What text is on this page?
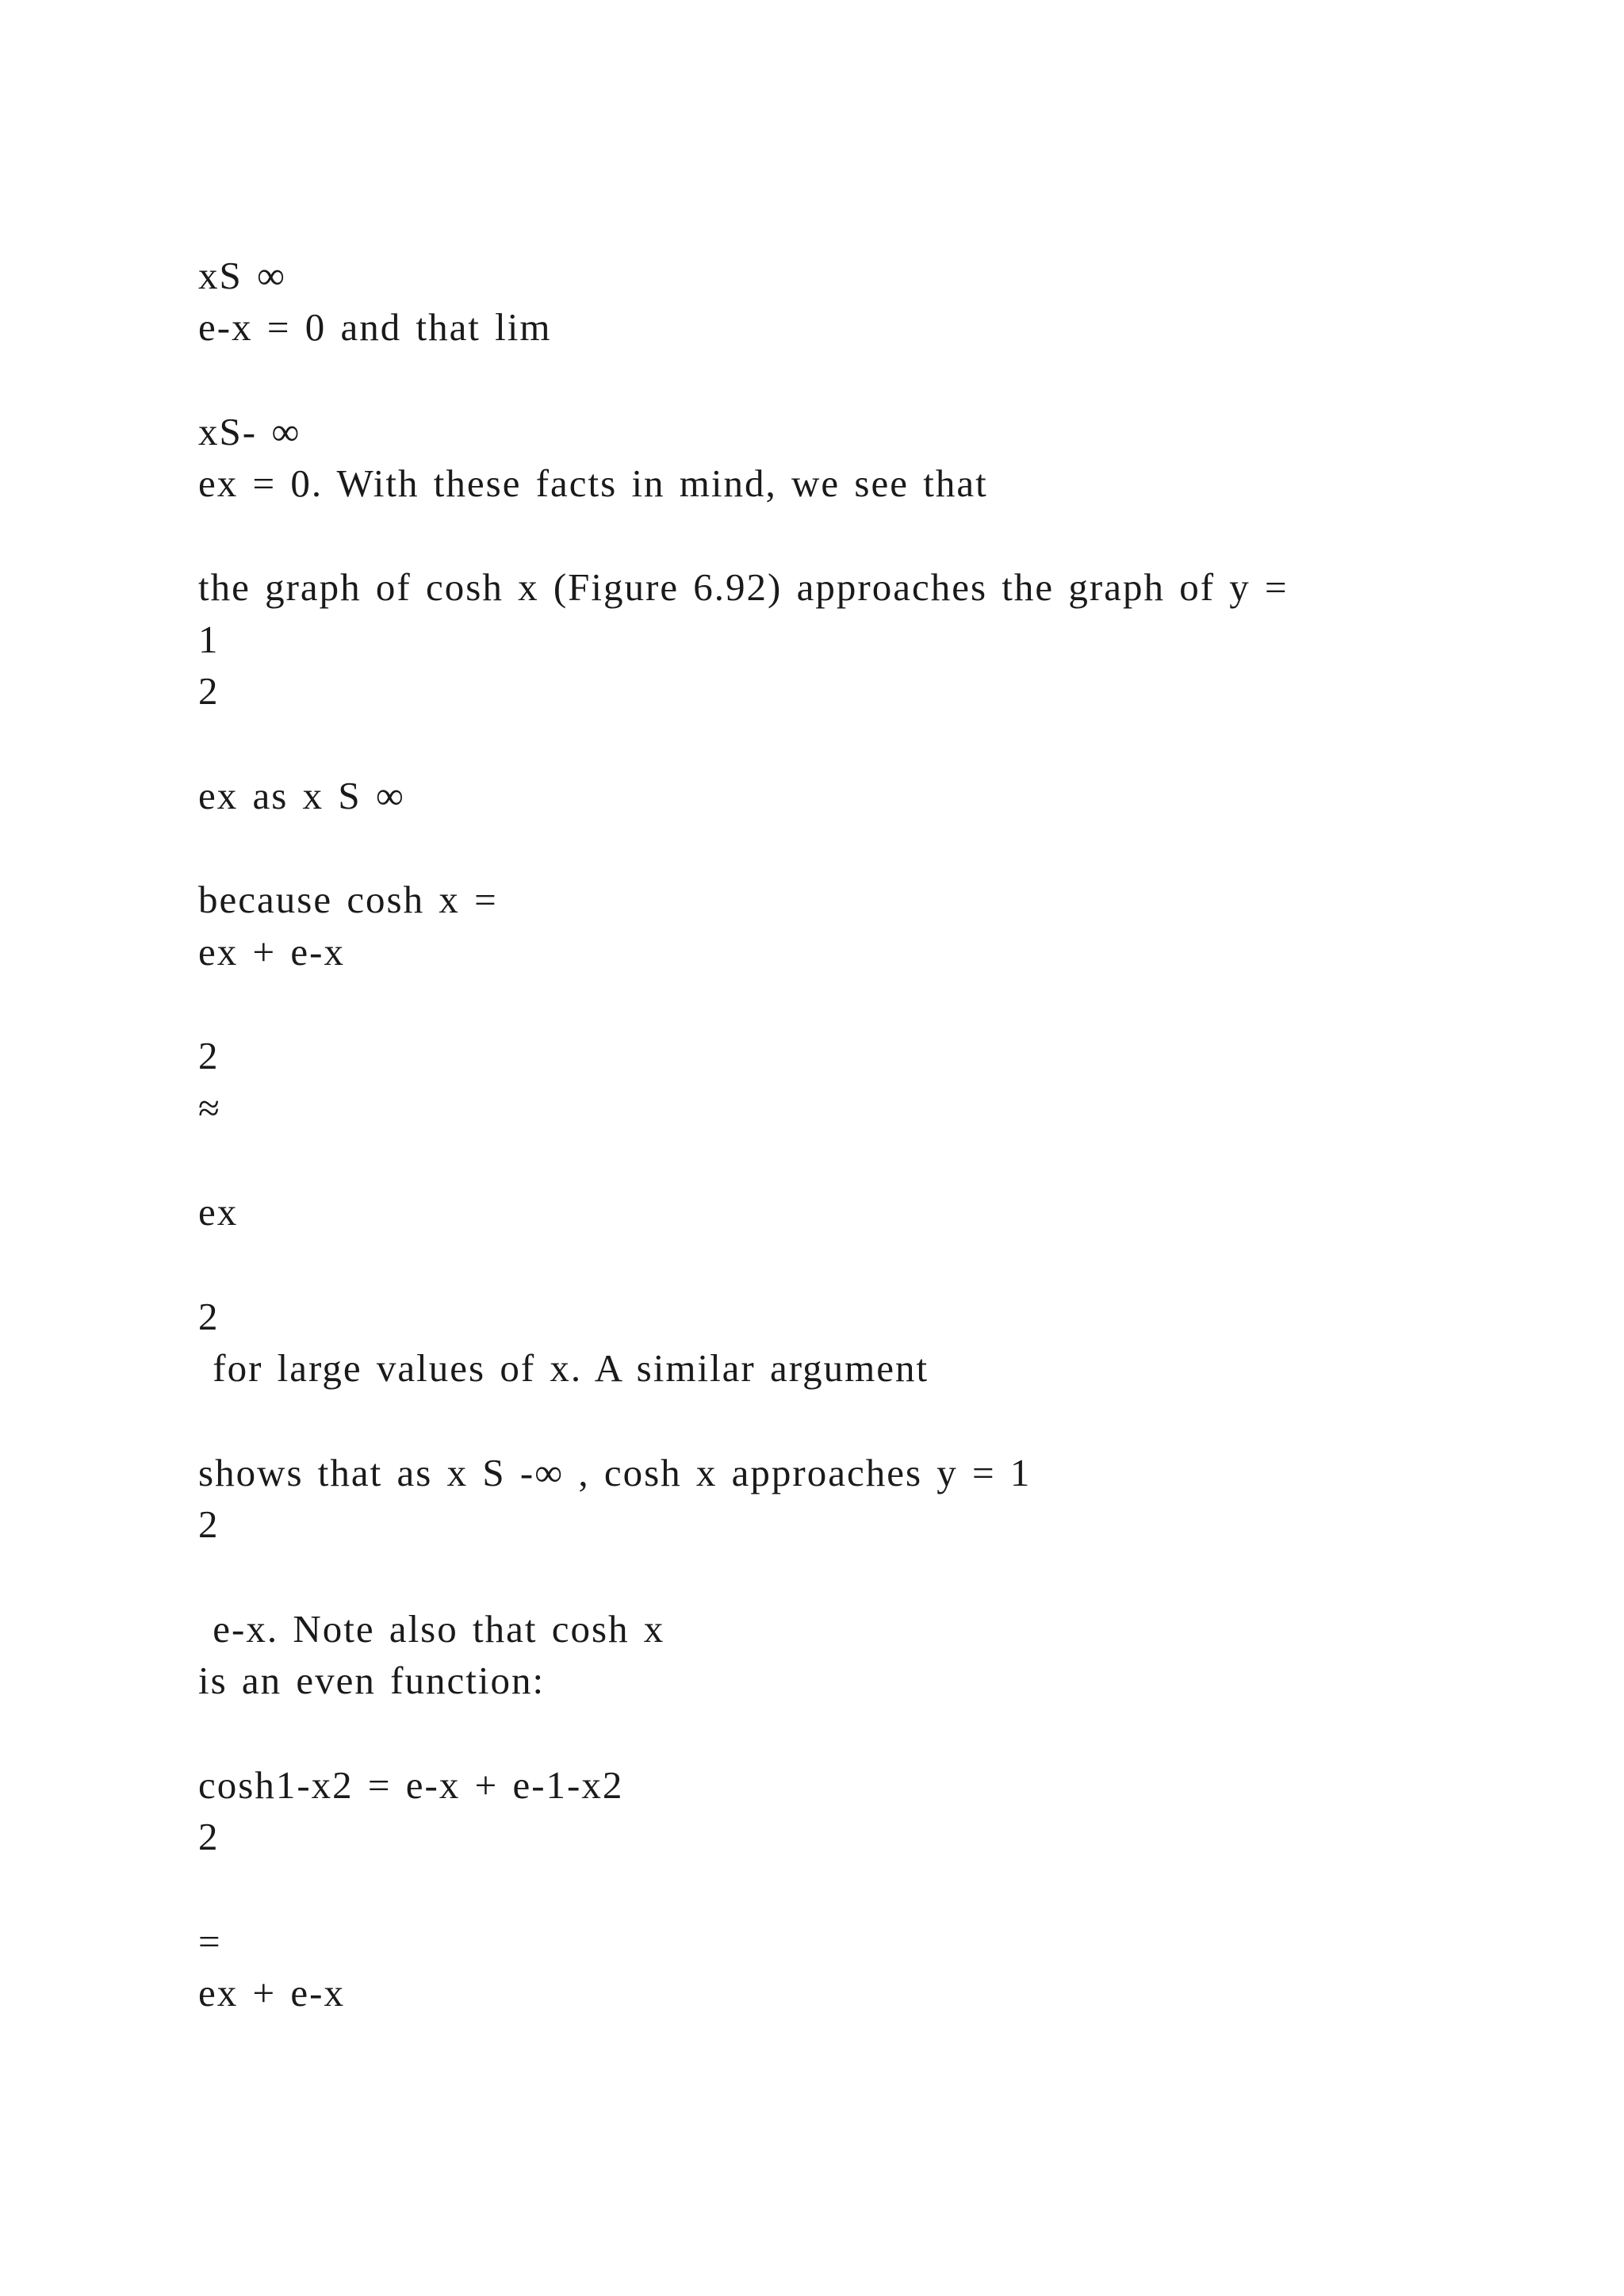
xS ∞
e-x = 0 and that lim
xS- ∞
ex = 0. With these facts in mind, we see that
the graph of cosh x (Figure 6.92) approaches the graph of y =
1
2
ex as x S ∞
because cosh x =
ex + e-x
2
≈
ex
2
for large values of x. A similar argument
shows that as x S -∞ , cosh x approaches y = 1
2
e-x. Note also that cosh x
is an even function:
cosh1-x2 = e-x + e-1-x2
2
=
ex + e-x
